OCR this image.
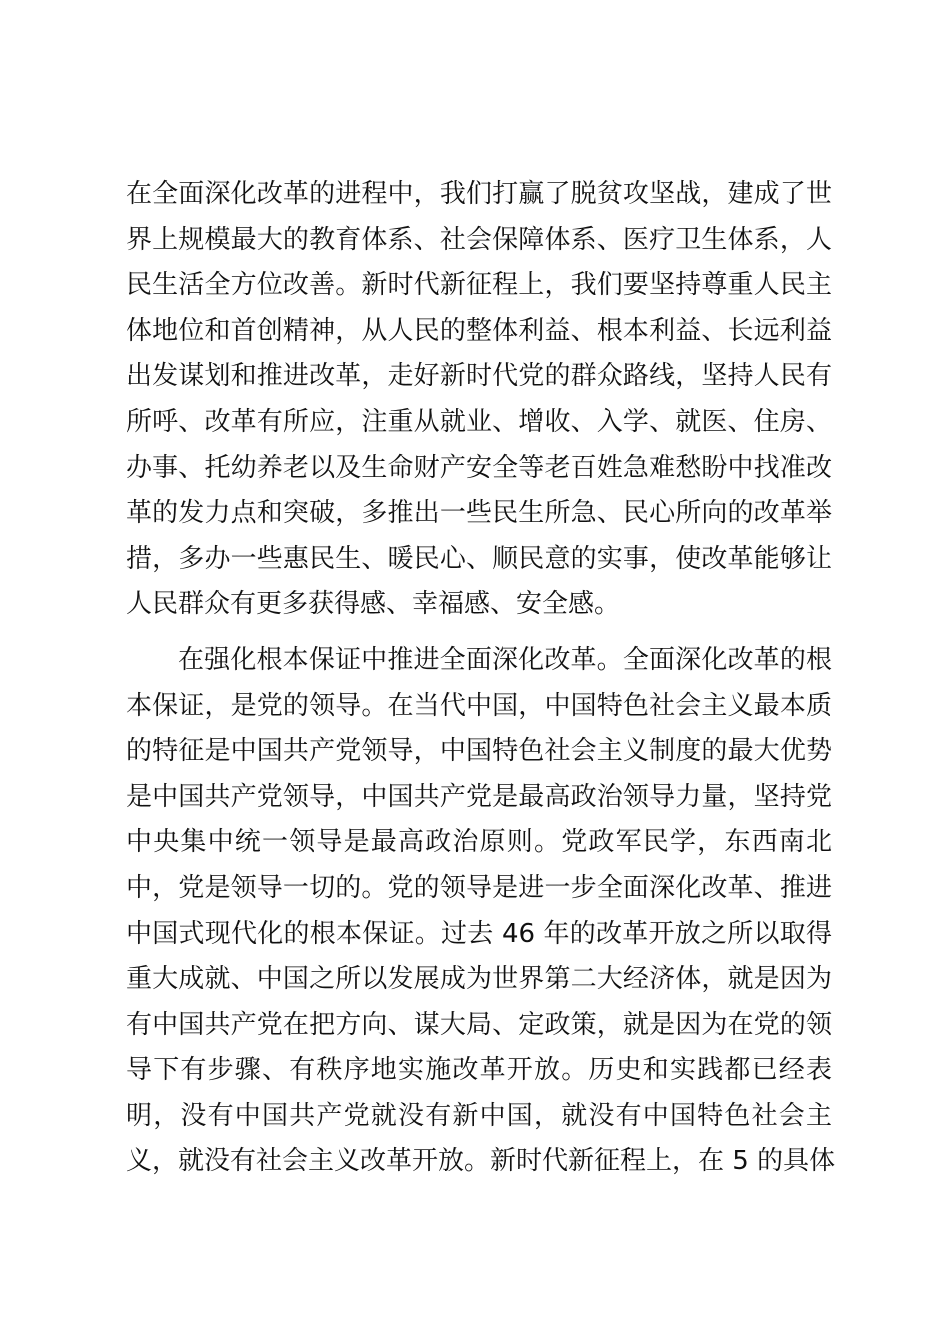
在全面深化改革的进程中，我们打赢了脱贫攻坚战，建成了世
界上规模最大的教育体系、社会保障体系、医疗卫生体系，人
民生活全方位改善。新时代新征程上，我们要坚持尊重人民主
体地位和首创精神，从人民的整体利益、根本利益、长远利益
出发谋划和推进改革，走好新时代党的群众路线，坚持人民有
所呼、改革有所应，注重从就业、增收、入学、就医、住房、
办事、托幼养老以及生命财产安全等老百姓急难愁盼中找准改
革的发力点和突破，多推出一些民生所急、民心所向的改革举
措，多办一些惠民生、暖民心、顺民意的实事，使改革能够让
人民群众有更多获得感、幸福感、安全感。

在强化根本保证中推进全面深化改革。全面深化改革的根
本保证，是党的领导。在当代中国，中国特色社会主义最本质
的特征是中国共产党领导，中国特色社会主义制度的最大优势
是中国共产党领导，中国共产党是最高政治领导力量，坚持党
中央集中统一领导是最高政治原则。党政军民学，东西南北
中，党是领导一切的。党的领导是进一步全面深化改革、推进
中国式现代化的根本保证。过去 46 年的改革开放之所以取得
重大成就、中国之所以发展成为世界第二大经济体，就是因为
有中国共产党在把方向、谋大局、定政策，就是因为在党的领
导下有步骤、有秩序地实施改革开放。历史和实践都已经表
明，没有中国共产党就没有新中国，就没有中国特色社会主
义，就没有社会主义改革开放。新时代新征程上，在 5 的具体
